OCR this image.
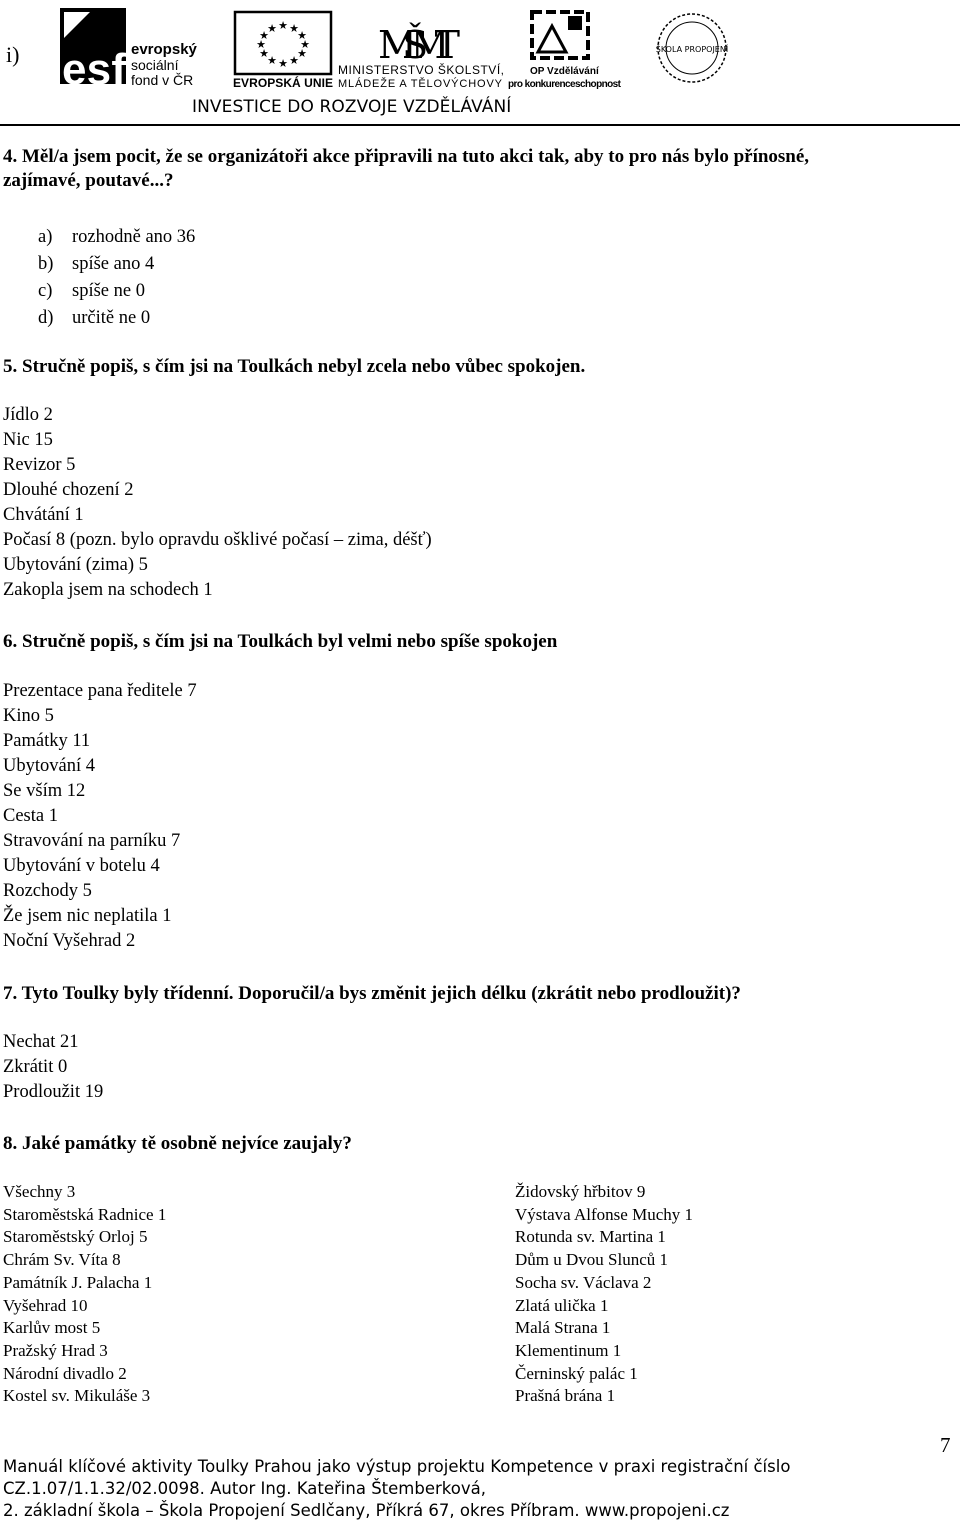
i) esf evropský
sociální
fond v ČR
★ ★
★
★
★
★
★
★
★
★
★
★
EVROPSKÁ UNIE
MŠ MT
MINISTERSTVO ŠKOLSTVÍ,
MLÁDEŽE A TĚLOVÝCHOVY
OP Vzdělávání
pro konkurenceschopnost
ŠKOLA PROPOJENÍ
INVESTICE DO ROZVOJE VZDĚLÁVÁNÍ
4. Měl/a jsem pocit, že se organizátoři akce připravili na tuto akci tak, aby to pro nás bylo přínosné,
zajímavé, poutavé...?
a) rozhodně ano 36
b) spíše ano 4
c) spíše ne 0
d) určitě ne 0
5. Stručně popiš, s čím jsi na Toulkách nebyl zcela nebo vůbec spokojen.
Jídlo 2
Nic 15
Revizor 5
Dlouhé chození 2
Chvátání 1
Počasí 8 (pozn. bylo opravdu ošklivé počasí – zima, déšť)
Ubytování (zima) 5
Zakopla jsem na schodech 1
6. Stručně popiš, s čím jsi na Toulkách byl velmi nebo spíše spokojen
Prezentace pana ředitele 7
Kino 5
Památky 11
Ubytování 4
Se vším 12
Cesta 1
Stravování na parníku 7
Ubytování v botelu 4
Rozchody 5
Že jsem nic neplatila 1
Noční Vyšehrad 2
7. Tyto Toulky byly třídenní. Doporučil/a bys změnit jejich délku (zkrátit nebo prodloužit)?
Nechat 21
Zkrátit 0
Prodloužit 19
8. Jaké památky tě osobně nejvíce zaujaly?
Všechny 3
Staroměstská Radnice 1
Staroměstský Orloj 5
Chrám Sv. Víta 8
Památník J. Palacha 1
Vyšehrad 10
Karlův most 5
Pražský Hrad 3
Národní divadlo 2
Kostel sv. Mikuláše 3
Židovský hřbitov 9
Výstava Alfonse Muchy 1
Rotunda sv. Martina 1
Dům u Dvou Slunců 1
Socha sv. Václava 2
Zlatá ulička 1
Malá Strana 1
Klementinum 1
Černinský palác 1
Prašná brána 1
7
Manuál klíčové aktivity Toulky Prahou jako výstup projektu Kompetence v praxi registrační číslo
CZ.1.07/1.1.32/02.0098. Autor Ing. Kateřina Štemberková,
2. základní škola – Škola Propojení Sedlčany, Příkrá 67, okres Příbram. www.propojeni.cz
